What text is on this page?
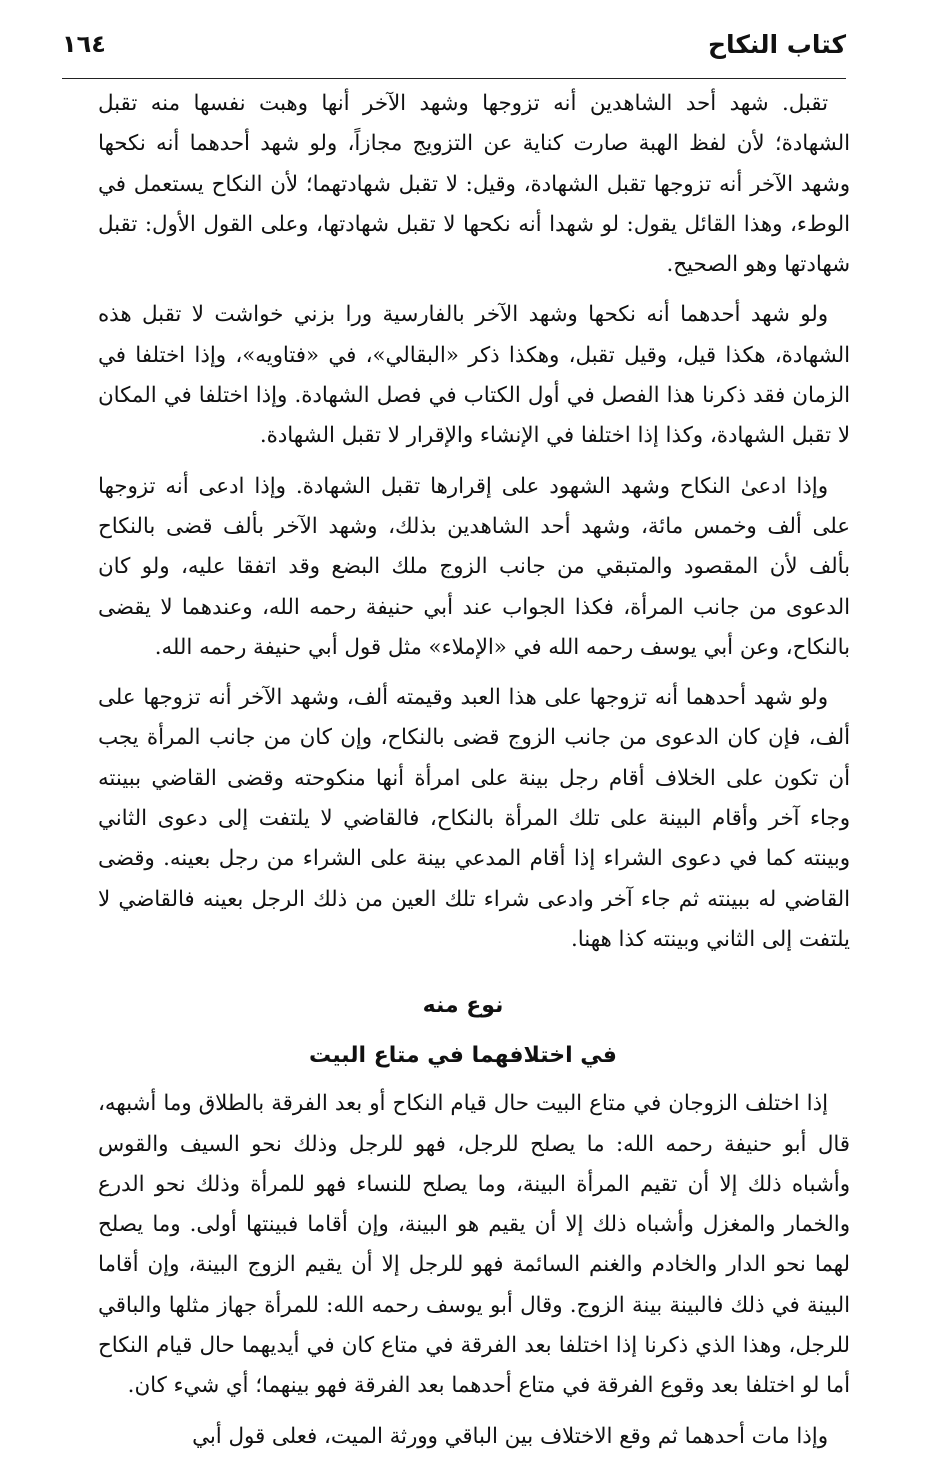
كتاب النكاح
١٦٤

تقبل. شهد أحد الشاهدين أنه تزوجها وشهد الآخر أنها وهبت نفسها منه تقبل الشهادة؛ لأن لفظ الهبة صارت كناية عن التزويج مجازاً، ولو شهد أحدهما أنه نكحها وشهد الآخر أنه تزوجها تقبل الشهادة، وقيل: لا تقبل شهادتهما؛ لأن النكاح يستعمل في الوطء، وهذا القائل يقول: لو شهدا أنه نكحها لا تقبل شهادتها، وعلى القول الأول: تقبل شهادتها وهو الصحيح.

ولو شهد أحدهما أنه نكحها وشهد الآخر بالفارسية ورا بزني خواشت لا تقبل هذه الشهادة، هكذا قيل، وقيل تقبل، وهكذا ذكر «البقالي»، في «فتاويه»، وإذا اختلفا في الزمان فقد ذكرنا هذا الفصل في أول الكتاب في فصل الشهادة. وإذا اختلفا في المكان لا تقبل الشهادة، وكذا إذا اختلفا في الإنشاء والإقرار لا تقبل الشهادة.

وإذا ادعىٰ النكاح وشهد الشهود على إقرارها تقبل الشهادة. وإذا ادعى أنه تزوجها على ألف وخمس مائة، وشهد أحد الشاهدين بذلك، وشهد الآخر بألف قضى بالنكاح بألف لأن المقصود والمتبقي من جانب الزوج ملك البضع وقد اتفقا عليه، ولو كان الدعوى من جانب المرأة، فكذا الجواب عند أبي حنيفة رحمه الله، وعندهما لا يقضى بالنكاح، وعن أبي يوسف رحمه الله في «الإملاء» مثل قول أبي حنيفة رحمه الله.

ولو شهد أحدهما أنه تزوجها على هذا العبد وقيمته ألف، وشهد الآخر أنه تزوجها على ألف، فإن كان الدعوى من جانب الزوج قضى بالنكاح، وإن كان من جانب المرأة يجب أن تكون على الخلاف أقام رجل بينة على امرأة أنها منكوحته وقضى القاضي ببينته وجاء آخر وأقام البينة على تلك المرأة بالنكاح، فالقاضي لا يلتفت إلى دعوى الثاني وبينته كما في دعوى الشراء إذا أقام المدعي بينة على الشراء من رجل بعينه. وقضى القاضي له ببينته ثم جاء آخر وادعى شراء تلك العين من ذلك الرجل بعينه فالقاضي لا يلتفت إلى الثاني وبينته كذا ههنا.

نوع منه

في اختلافهما في متاع البيت

إذا اختلف الزوجان في متاع البيت حال قيام النكاح أو بعد الفرقة بالطلاق وما أشبهه، قال أبو حنيفة رحمه الله: ما يصلح للرجل، فهو للرجل وذلك نحو السيف والقوس وأشباه ذلك إلا أن تقيم المرأة البينة، وما يصلح للنساء فهو للمرأة وذلك نحو الدرع والخمار والمغزل وأشباه ذلك إلا أن يقيم هو البينة، وإن أقاما فبينتها أولى. وما يصلح لهما نحو الدار والخادم والغنم السائمة فهو للرجل إلا أن يقيم الزوج البينة، وإن أقاما البينة في ذلك فالبينة بينة الزوج. وقال أبو يوسف رحمه الله: للمرأة جهاز مثلها والباقي للرجل، وهذا الذي ذكرنا إذا اختلفا بعد الفرقة في متاع كان في أيديهما حال قيام النكاح أما لو اختلفا بعد وقوع الفرقة في متاع أحدهما بعد الفرقة فهو بينهما؛ أي شيء كان.

وإذا مات أحدهما ثم وقع الاختلاف بين الباقي وورثة الميت، فعلى قول أبي
